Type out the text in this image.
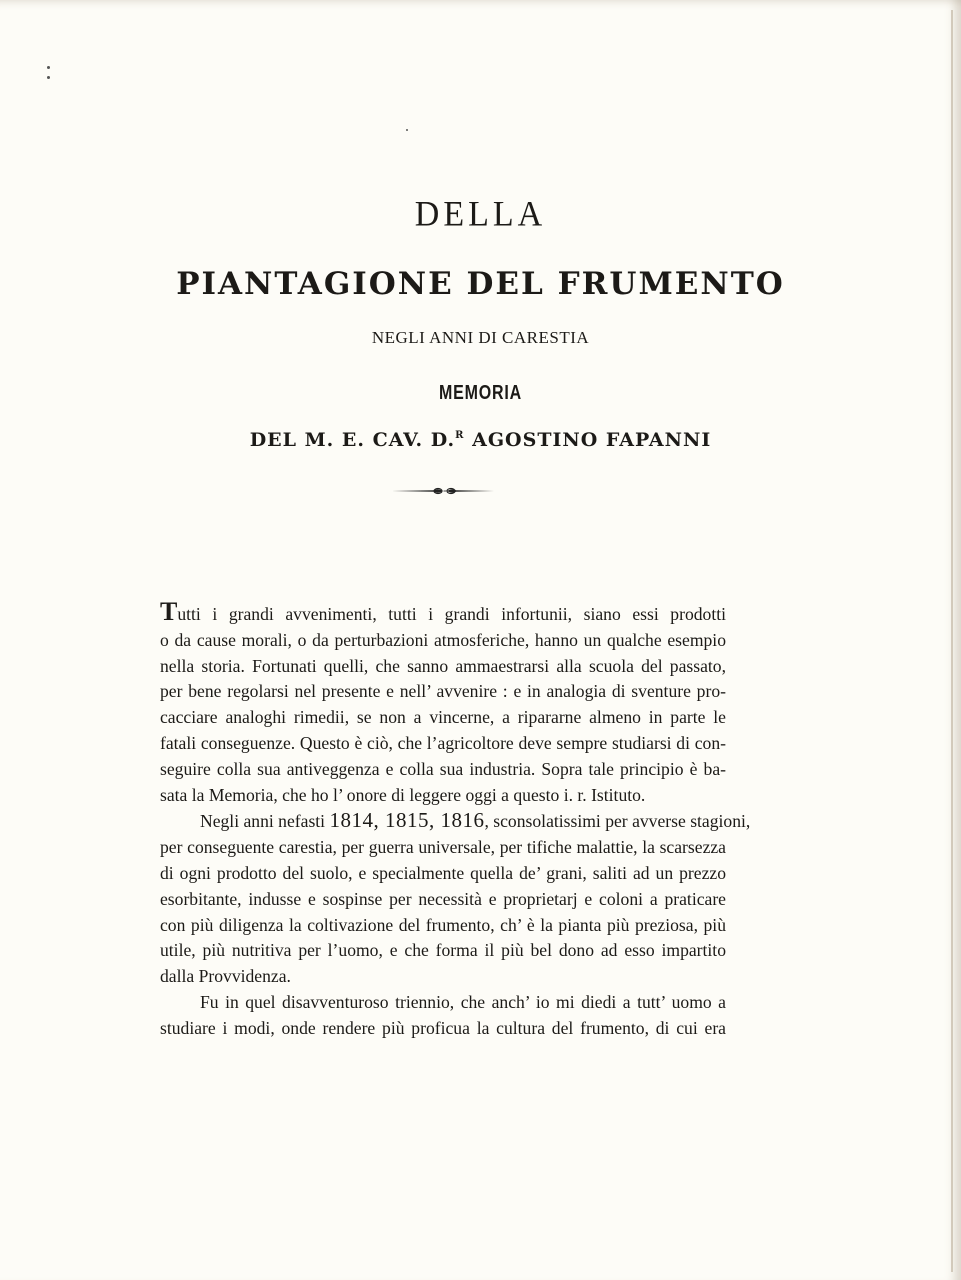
DELLA
PIANTAGIONE DEL FRUMENTO
NEGLI ANNI DI CARESTIA
MEMORIA
DEL M. E. CAV. D.$^R$ AGOSTINO FAPANNI
Tutti i grandi avvenimenti, tutti i grandi infortunii, siano essi prodotti
o da cause morali, o da perturbazioni atmosferiche, hanno un qualche esempio
nella storia. Fortunati quelli, che sanno ammaestrarsi alla scuola del passato,
per bene regolarsi nel presente e nell’ avvenire : e in analogia di sventure pro-
cacciare analoghi rimedii, se non a vincerne, a ripararne almeno in parte le
fatali conseguenze. Questo è ciò, che l’agricoltore deve sempre studiarsi di con-
seguire colla sua antiveggenza e colla sua industria. Sopra tale principio è ba-
sata la Memoria, che ho l’ onore di leggere oggi a questo i. r. Istituto.
Negli anni nefasti 1814, 1815, 1816, sconsolatissimi per avverse stagioni,
per conseguente carestia, per guerra universale, per tifiche malattie, la scarsezza
di ogni prodotto del suolo, e specialmente quella de’ grani, saliti ad un prezzo
esorbitante, indusse e sospinse per necessità e proprietarj e coloni a praticare
con più diligenza la coltivazione del frumento, ch’ è la pianta più preziosa, più
utile, più nutritiva per l’uomo, e che forma il più bel dono ad esso impartito
dalla Provvidenza.
Fu in quel disavventuroso triennio, che anch’ io mi diedi a tutt’ uomo a
studiare i modi, onde rendere più proficua la cultura del frumento, di cui era
